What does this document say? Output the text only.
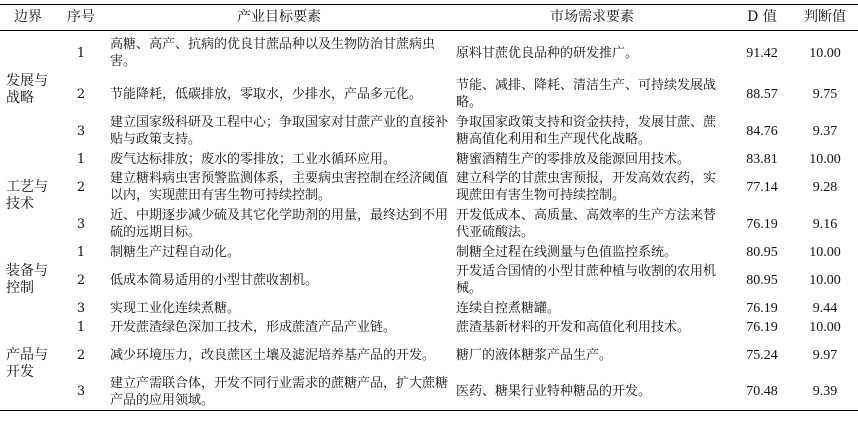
边界	序号	产业目标要素	市场需求要素	D 值	判断值
发展与战略	1	高糖、高产、抗病的优良甘蔗品种以及生物防治甘蔗病虫害。	原料甘蔗优良品种的研发推广。	91.42	10.00
	2	节能降耗，低碳排放，零取水，少排水，产品多元化。	节能、减排、降耗、清洁生产、可持续发展战略。	88.57	9.75
	3	建立国家级科研及工程中心；争取国家对甘蔗产业的直接补贴与政策支持。	争取国家政策支持和资金扶持，发展甘蔗、蔗糖高值化利用和生产现代化战略。	84.76	9.37
工艺与技术	1	废气达标排放；废水的零排放；工业水循环应用。	糖蜜酒精生产的零排放及能源回用技术。	83.81	10.00
	2	建立糖料病虫害预警监测体系，主要病虫害控制在经济阈值以内，实现蔗田有害生物可持续控制。	建立科学的甘蔗虫害预报，开发高效农药，实现蔗田有害生物可持续控制。	77.14	9.28
	3	近、中期逐步减少硫及其它化学助剂的用量，最终达到不用硫的远期目标。	开发低成本、高质量、高效率的生产方法来替代亚硫酸法。	76.19	9.16
装备与控制	1	制糖生产过程自动化。	制糖全过程在线测量与色值监控系统。	80.95	10.00
	2	低成本简易适用的小型甘蔗收割机。	开发适合国情的小型甘蔗种植与收割的农用机械。	80.95	10.00
	3	实现工业化连续煮糖。	连续自控煮糖罐。	76.19	9.44
产品与开发	1	开发蔗渣绿色深加工技术，形成蔗渣产品产业链。	蔗渣基新材料的开发和高值化利用技术。	76.19	10.00
	2	减少环境压力，改良蔗区土壤及滤泥培养基产品的开发。	糖厂的液体糖浆产品生产。	75.24	9.97
	3	建立产需联合体，开发不同行业需求的蔗糖产品，扩大蔗糖产品的应用领域。	医药、糖果行业特种糖品的开发。	70.48	9.39
